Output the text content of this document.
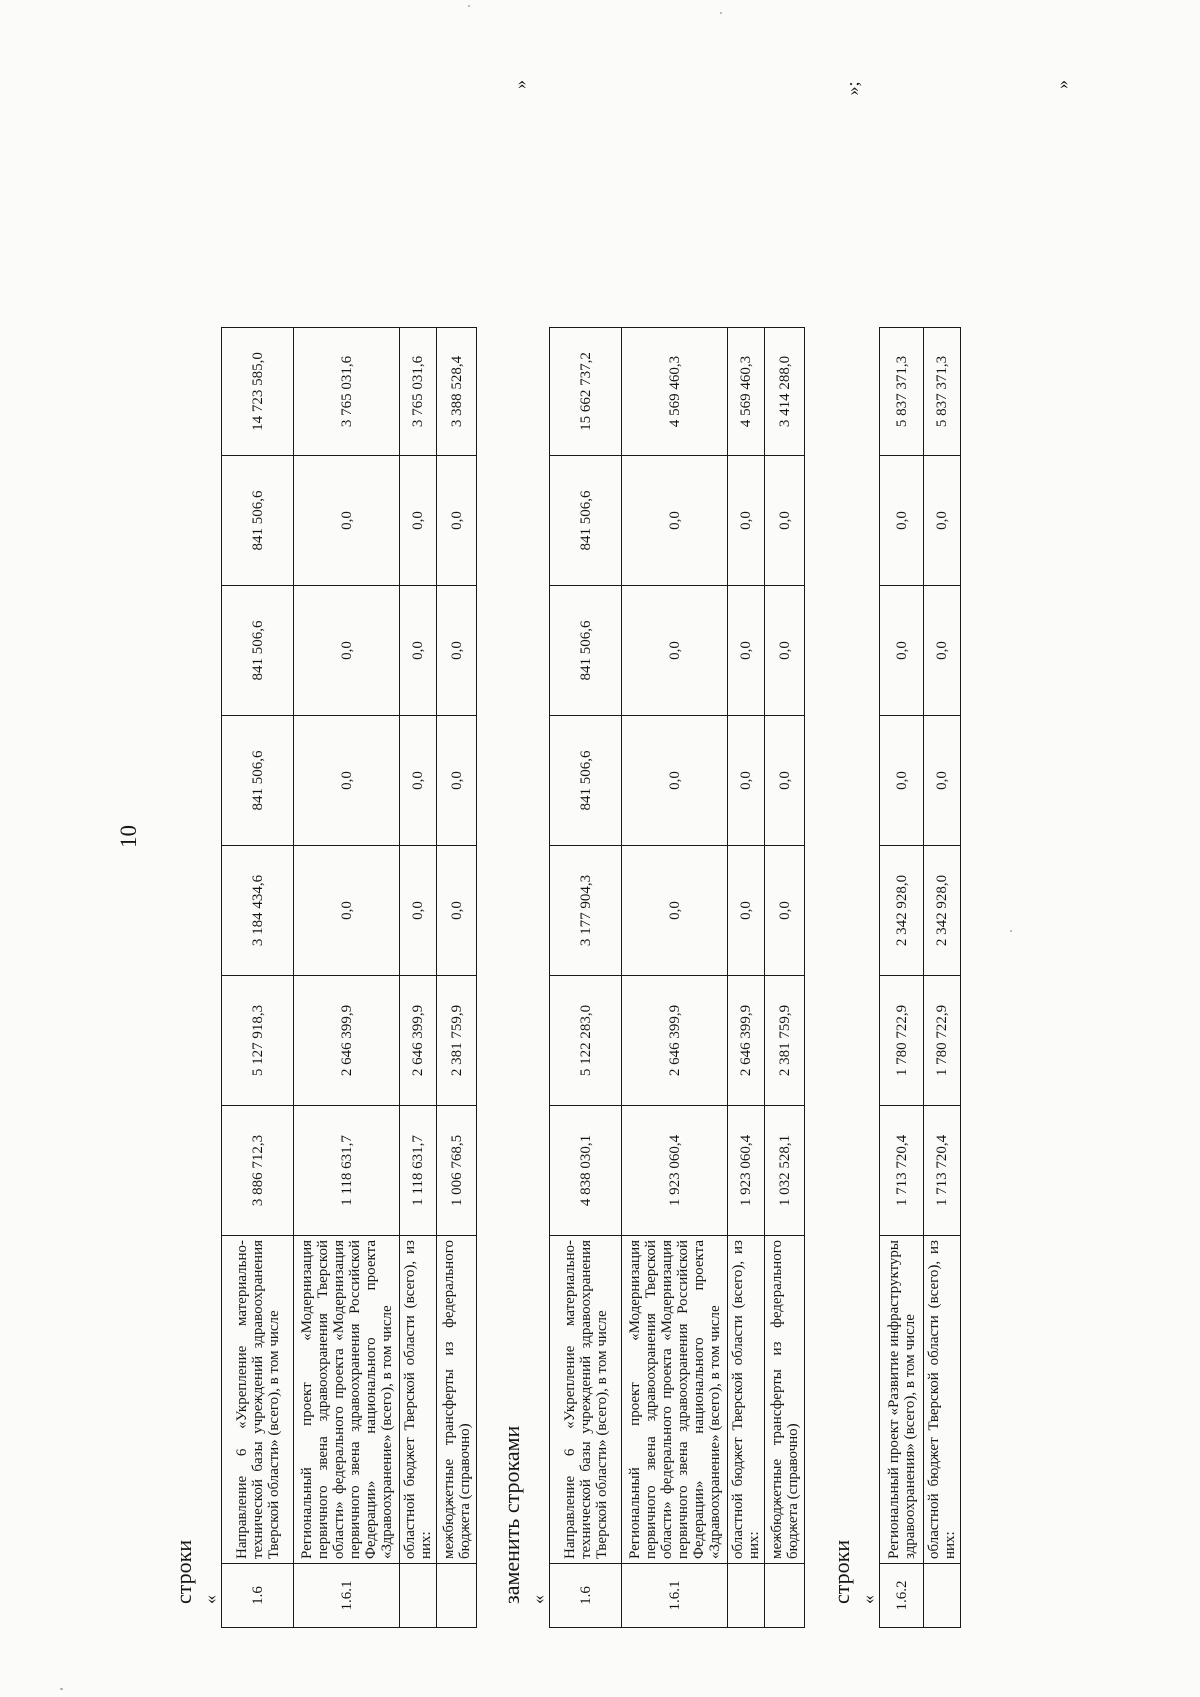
10
строки « 1.6	Направление 6 «Укрепление материально-технической базы учреждений здравоохранения Тверской области» (всего), в том числе	3 886 712,3	5 127 918,3	3 184 434,6	841 506,6	841 506,6	841 506,6	14 723 585,0
1.6.1	Региональный проект «Модернизация первичного звена здравоохранения Тверской области» федерального проекта «Модернизация первичного звена здравоохранения Российской Федерации» национального проекта «Здравоохранение» (всего), в том числе	1 118 631,7	2 646 399,9	0,0	0,0	0,0	0,0	3 765 031,6
	областной бюджет Тверской области (всего), из них:	1 118 631,7	2 646 399,9	0,0	0,0	0,0	0,0	3 765 031,6
	межбюджетные трансферты из федерального бюджета (справочно)	1 006 768,5	2 381 759,9	0,0	0,0	0,0	0,0	3 388 528,4
»
заменить строками « 1.6	Направление 6 «Укрепление материально-технической базы учреждений здравоохранения Тверской области» (всего), в том числе	4 838 030,1	5 122 283,0	3 177 904,3	841 506,6	841 506,6	841 506,6	15 662 737,2
1.6.1	Региональный проект «Модернизация первичного звена здравоохранения Тверской области» федерального проекта «Модернизация первичного звена здравоохранения Российской Федерации» национального проекта «Здравоохранение» (всего), в том числе	1 923 060,4	2 646 399,9	0,0	0,0	0,0	0,0	4 569 460,3
	областной бюджет Тверской области (всего), из них:	1 923 060,4	2 646 399,9	0,0	0,0	0,0	0,0	4 569 460,3
	межбюджетные трансферты из федерального бюджета (справочно)	1 032 528,1	2 381 759,9	0,0	0,0	0,0	0,0	3 414 288,0
»;
строки « 1.6.2	Региональный проект «Развитие инфраструктуры здравоохранения» (всего), в том числе	1 713 720,4	1 780 722,9	2 342 928,0	0,0	0,0	0,0	5 837 371,3
	областной бюджет Тверской области (всего), из них:	1 713 720,4	1 780 722,9	2 342 928,0	0,0	0,0	0,0	5 837 371,3
»
